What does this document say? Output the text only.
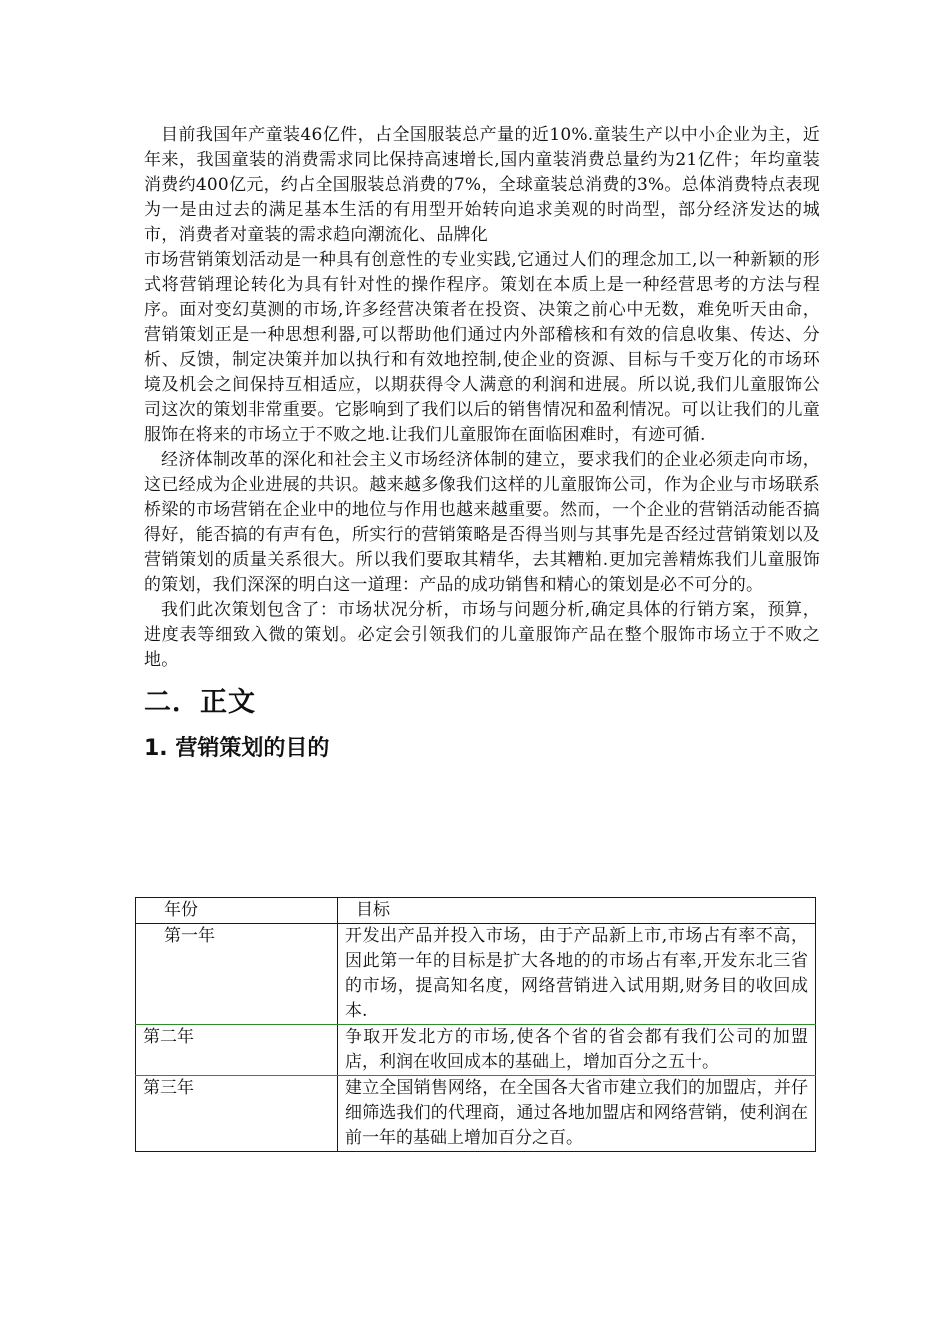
目前我国年产童装46亿件，占全国服装总产量的近10%.童装生产以中小企业为主，近年来，我国童装的消费需求同比保持高速增长,国内童装消费总量约为21亿件；年均童装消费约400亿元，约占全国服装总消费的7%，全球童装总消费的3%。总体消费特点表现为一是由过去的满足基本生活的有用型开始转向追求美观的时尚型，部分经济发达的城市，消费者对童装的需求趋向潮流化、品牌化

市场营销策划活动是一种具有创意性的专业实践,它通过人们的理念加工,以一种新颖的形式将营销理论转化为具有针对性的操作程序。策划在本质上是一种经营思考的方法与程序。面对变幻莫测的市场,许多经营决策者在投资、决策之前心中无数，难免听天由命，营销策划正是一种思想利器,可以帮助他们通过内外部稽核和有效的信息收集、传达、分析、反馈，制定决策并加以执行和有效地控制,使企业的资源、目标与千变万化的市场环境及机会之间保持互相适应，以期获得令人满意的利润和进展。所以说,我们儿童服饰公司这次的策划非常重要。它影响到了我们以后的销售情况和盈利情况。可以让我们的儿童服饰在将来的市场立于不败之地.让我们儿童服饰在面临困难时，有迹可循.

经济体制改革的深化和社会主义市场经济体制的建立，要求我们的企业必须走向市场，这已经成为企业进展的共识。越来越多像我们这样的儿童服饰公司，作为企业与市场联系桥梁的市场营销在企业中的地位与作用也越来越重要。然而，一个企业的营销活动能否搞得好，能否搞的有声有色，所实行的营销策略是否得当则与其事先是否经过营销策划以及营销策划的质量关系很大。所以我们要取其精华，去其糟粕.更加完善精炼我们儿童服饰的策划，我们深深的明白这一道理：产品的成功销售和精心的策划是必不可分的。

我们此次策划包含了：市场状况分析，市场与问题分析,确定具体的行销方案，预算，进度表等细致入微的策划。必定会引领我们的儿童服饰产品在整个服饰市场立于不败之地。

二．正文
1. 营销策划的目的
年份	目标
第一年	开发出产品并投入市场，由于产品新上市,市场占有率不高，因此第一年的目标是扩大各地的的市场占有率,开发东北三省的市场，提高知名度，网络营销进入试用期,财务目的收回成本.
第二年	争取开发北方的市场,使各个省的省会都有我们公司的加盟店，利润在收回成本的基础上，增加百分之五十。
第三年	建立全国销售网络，在全国各大省市建立我们的加盟店，并仔细筛选我们的代理商，通过各地加盟店和网络营销，使利润在前一年的基础上增加百分之百。
